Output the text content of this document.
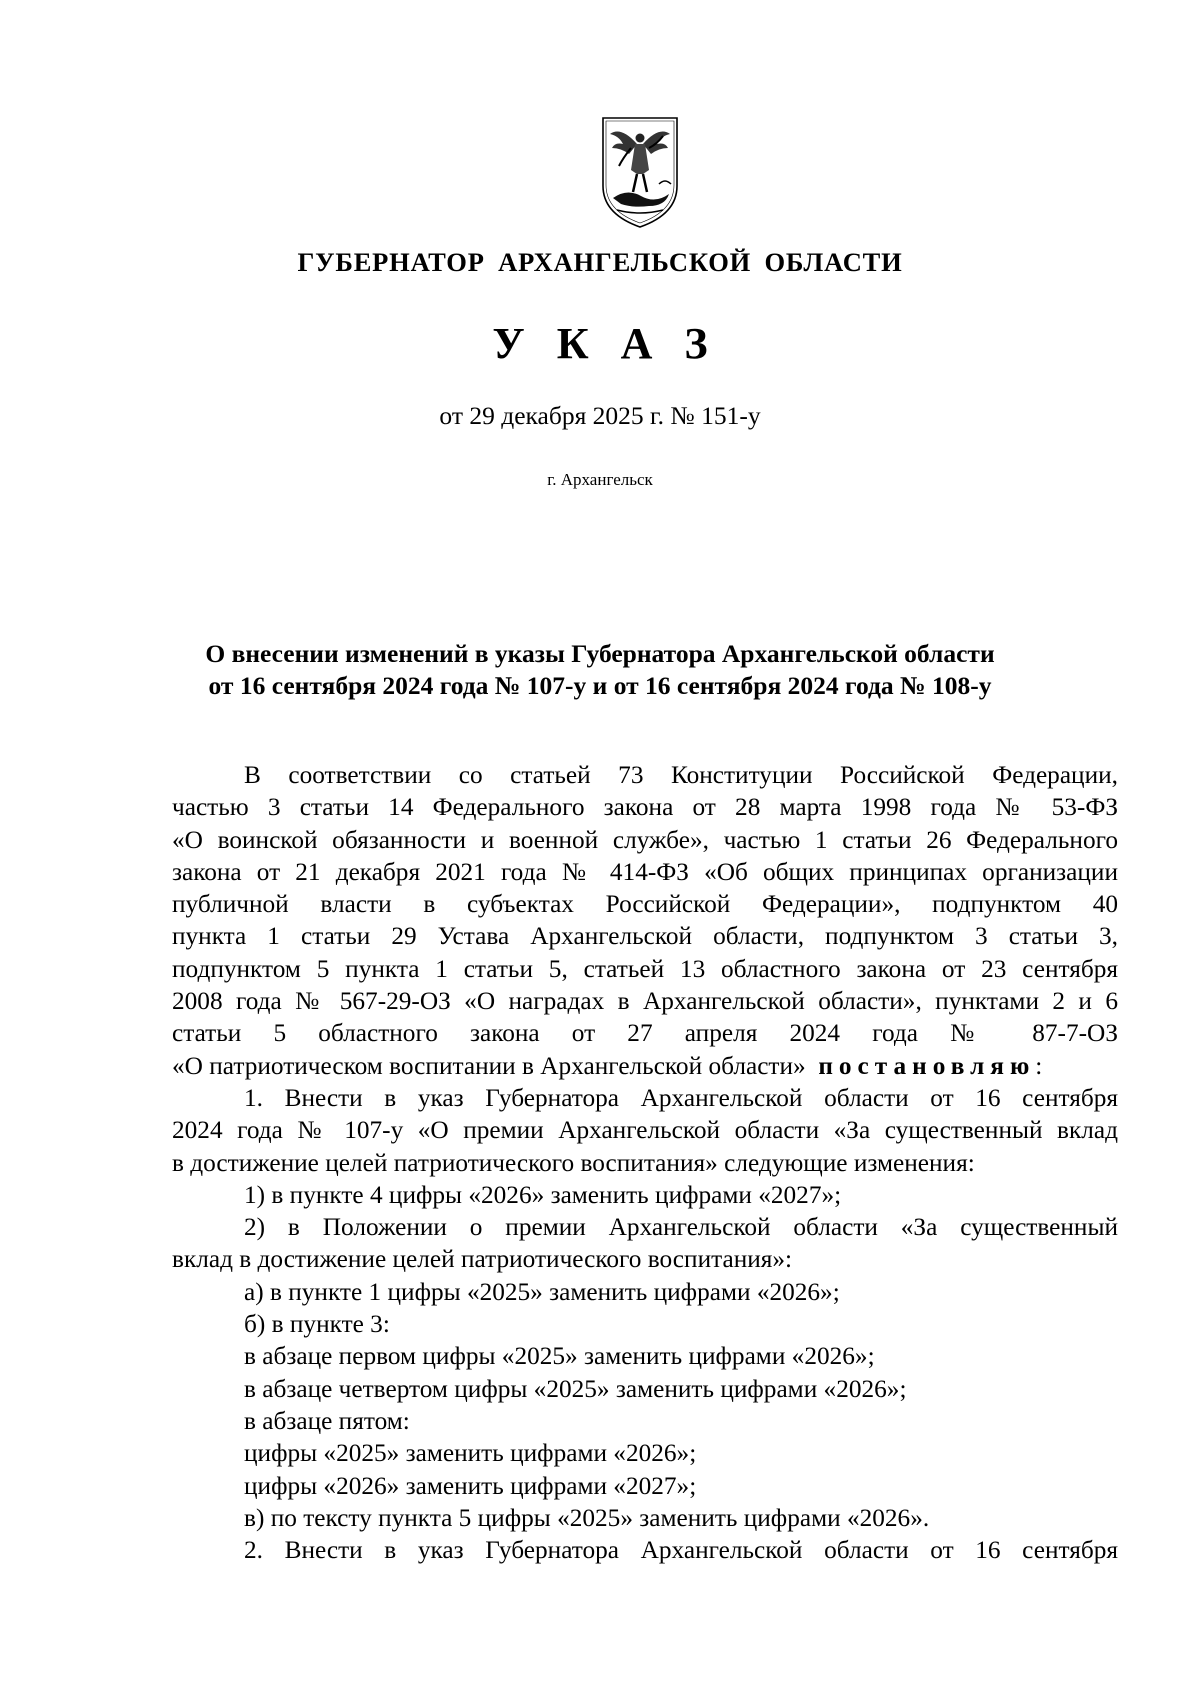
ГУБЕРНАТОР АРХАНГЕЛЬСКОЙ ОБЛАСТИ
У К А З
от 29 декабря 2025 г. № 151-у
г. Архангельск

О внесении изменений в указы Губернатора Архангельской области

от 16 сентября 2024 года № 107-у и от 16 сентября 2024 года № 108-у

В соответствии со статьей 73 Конституции Российской Федерации,

частью 3 статьи 14 Федерального закона от 28 марта 1998 года № 53-ФЗ

«О воинской обязанности и военной службе», частью 1 статьи 26 Федерального

закона от 21 декабря 2021 года № 414-ФЗ «Об общих принципах организации

публичной власти в субъектах Российской Федерации», подпунктом 40

пункта 1 статьи 29 Устава Архангельской области, подпунктом 3 статьи 3,

подпунктом 5 пункта 1 статьи 5, статьей 13 областного закона от 23 сентября

2008 года № 567-29-ОЗ «О наградах в Архангельской области», пунктами 2 и 6

статьи 5 областного закона от 27 апреля 2024 года № 87-7-ОЗ

«О патриотическом воспитании в Архангельской области» постановляю:

1. Внести в указ Губернатора Архангельской области от 16 сентября

2024 года № 107-у «О премии Архангельской области «За существенный вклад

в достижение целей патриотического воспитания» следующие изменения:

1) в пункте 4 цифры «2026» заменить цифрами «2027»;

2) в Положении о премии Архангельской области «За существенный

вклад в достижение целей патриотического воспитания»:

а) в пункте 1 цифры «2025» заменить цифрами «2026»;

б) в пункте 3:

в абзаце первом цифры «2025» заменить цифрами «2026»;

в абзаце четвертом цифры «2025» заменить цифрами «2026»;

в абзаце пятом:

цифры «2025» заменить цифрами «2026»;

цифры «2026» заменить цифрами «2027»;

в) по тексту пункта 5 цифры «2025» заменить цифрами «2026».

2. Внести в указ Губернатора Архангельской области от 16 сентября
